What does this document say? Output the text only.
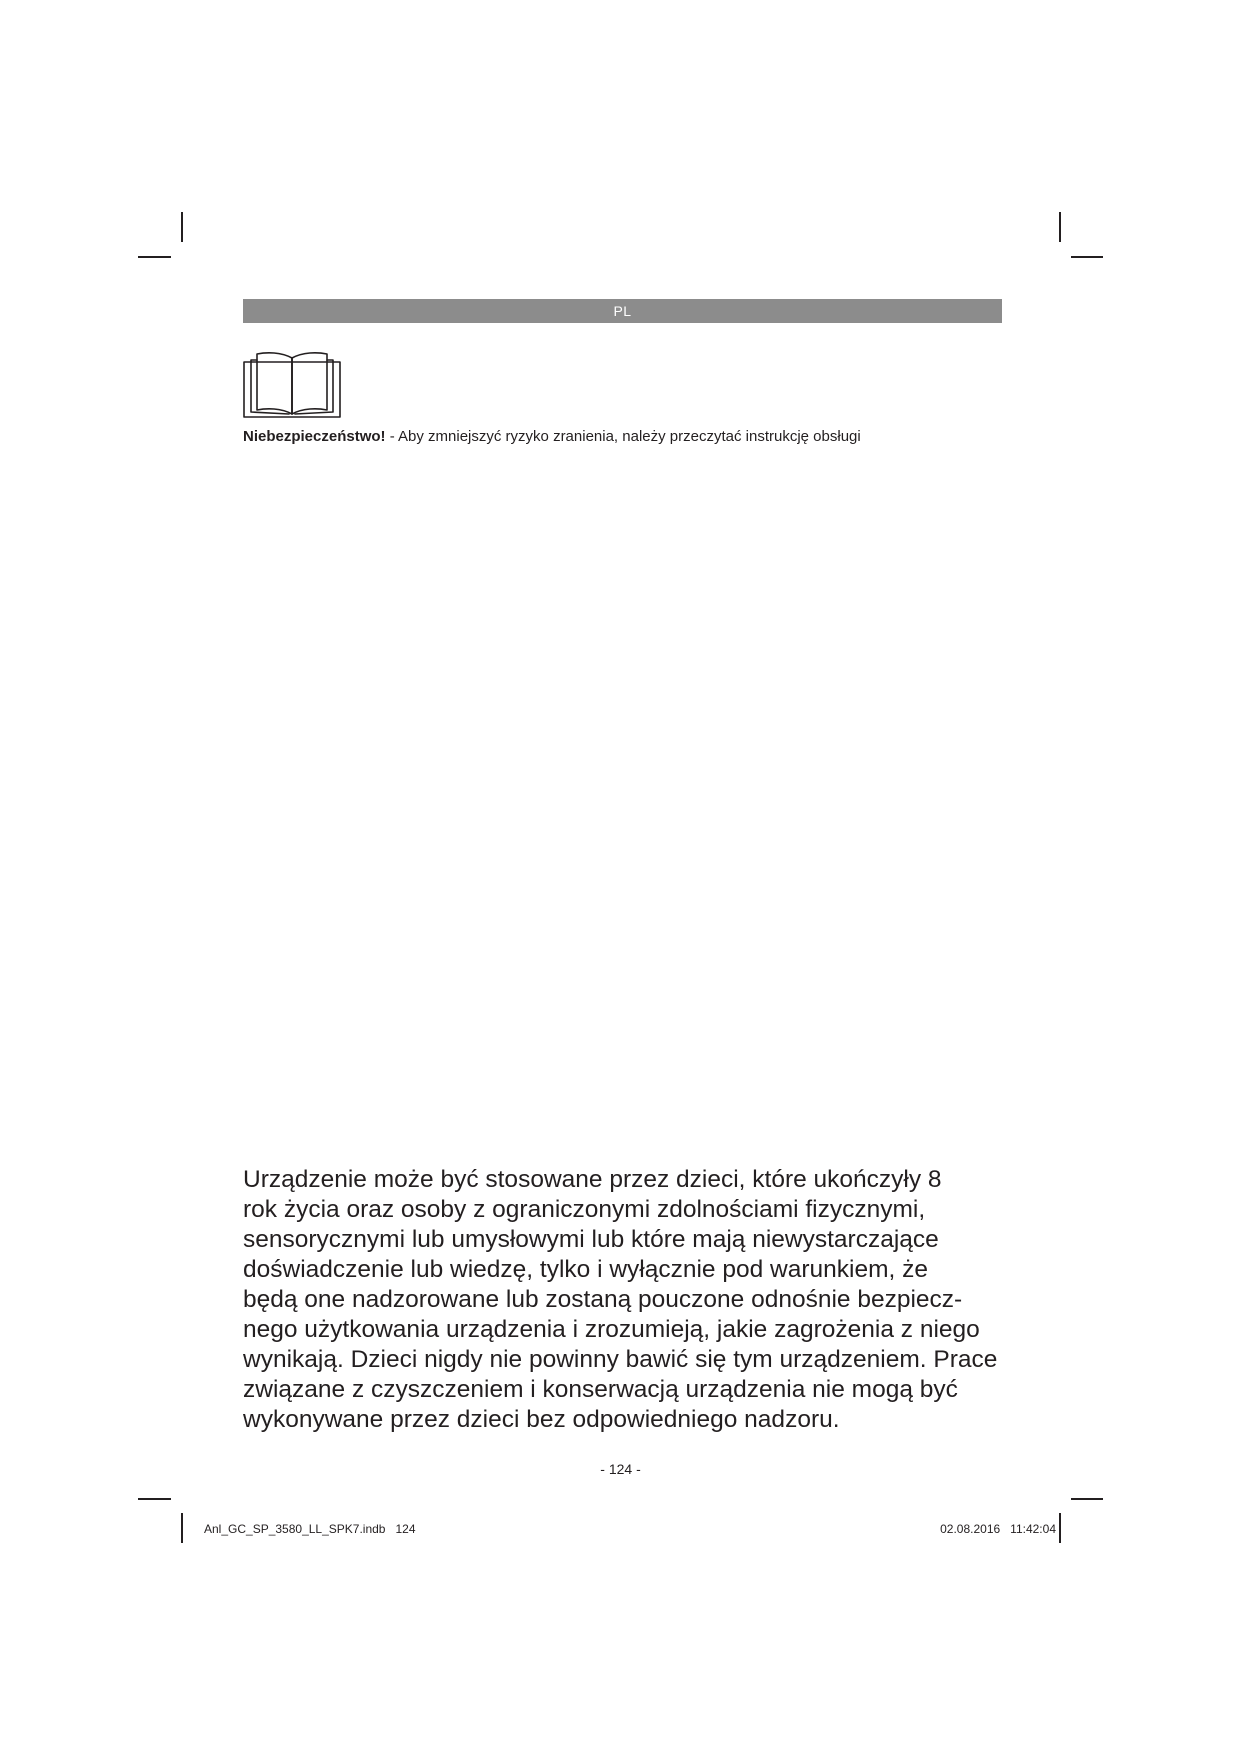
PL
Niebezpieczeństwo! - Aby zmniejszyć ryzyko zranienia, należy przeczytać instrukcję obsługi
Urządzenie może być stosowane przez dzieci, które ukończyły 8
rok życia oraz osoby z ograniczonymi zdolnościami fizycznymi,
sensorycznymi lub umysłowymi lub które mają niewystarczające
doświadczenie lub wiedzę, tylko i wyłącznie pod warunkiem, że
będą one nadzorowane lub zostaną pouczone odnośnie bezpiecz-
nego użytkowania urządzenia i zrozumieją, jakie zagrożenia z niego
wynikają. Dzieci nigdy nie powinny bawić się tym urządzeniem. Prace
związane z czyszczeniem i konserwacją urządzenia nie mogą być
wykonywane przez dzieci bez odpowiedniego nadzoru.
- 124 -
Anl_GC_SP_3580_LL_SPK7.indb   124	02.08.2016   11:42:04
